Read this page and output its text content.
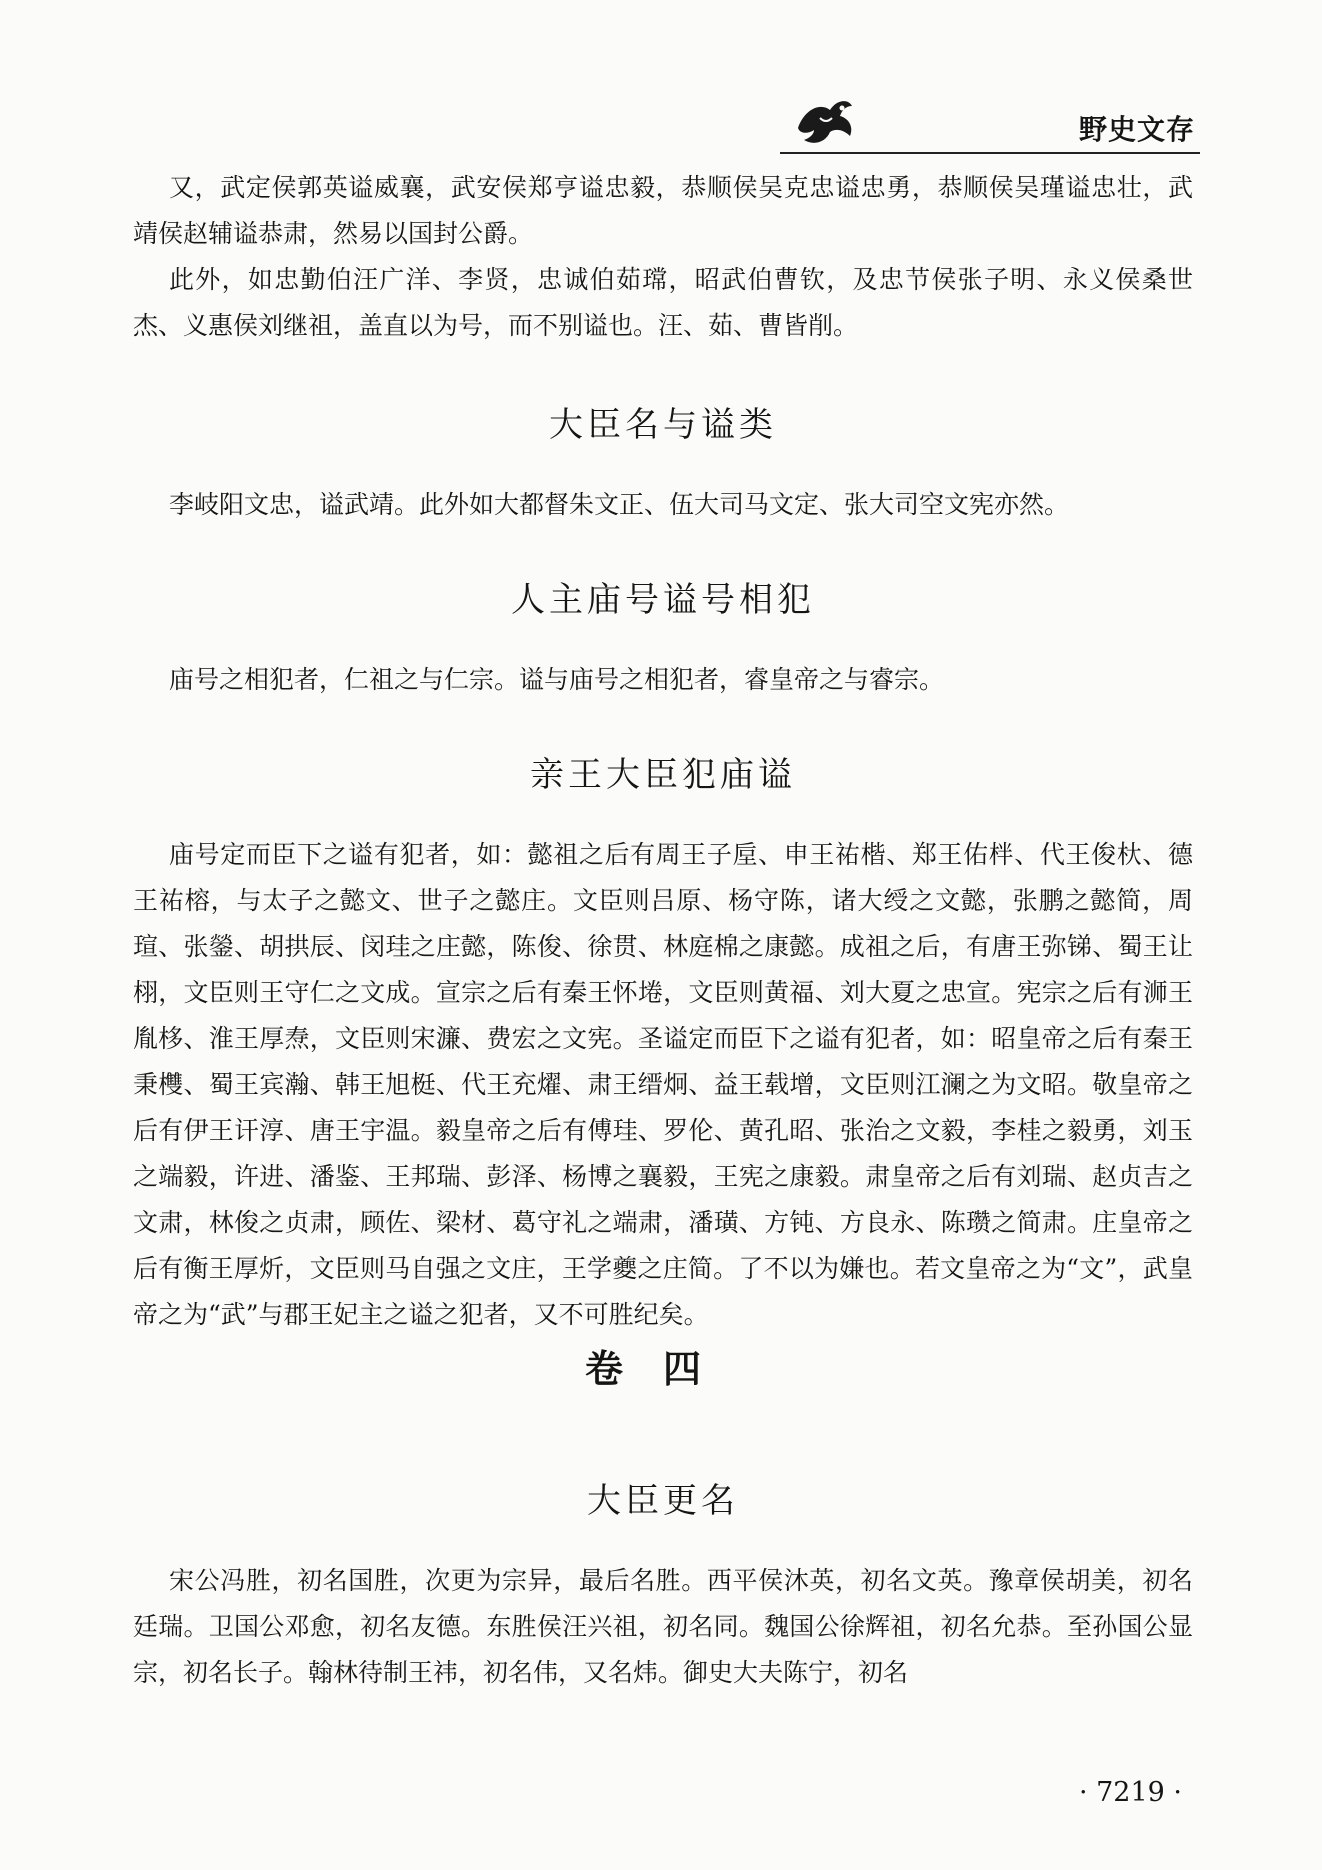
野史文存

又，武定侯郭英谥威襄，武安侯郑亨谥忠毅，恭顺侯吴克忠谥忠勇，恭顺侯吴瑾谥忠壮，武靖侯赵辅谥恭肃，然易以国封公爵。

此外，如忠勤伯汪广洋、李贤，忠诚伯茹瑺，昭武伯曹钦，及忠节侯张子明、永义侯桑世杰、义惠侯刘继祖，盖直以为号，而不别谥也。汪、茹、曹皆削。

大臣名与谥类

李岐阳文忠，谥武靖。此外如大都督朱文正、伍大司马文定、张大司空文宪亦然。

人主庙号谥号相犯

庙号之相犯者，仁祖之与仁宗。谥与庙号之相犯者，睿皇帝之与睿宗。

亲王大臣犯庙谥

庙号定而臣下之谥有犯者，如：懿祖之后有周王子垕、申王祐楷、郑王佑柈、代王俊杕、德王祐榕，与太子之懿文、世子之懿庄。文臣则吕原、杨守陈，诸大绶之文懿，张鹏之懿简，周瑄、张鎣、胡拱辰、闵珪之庄懿，陈俊、徐贯、林庭棉之康懿。成祖之后，有唐王弥锑、蜀王让栩，文臣则王守仁之文成。宣宗之后有秦王怀埢，文臣则黄福、刘大夏之忠宣。宪宗之后有浉王胤栘、淮王厚焘，文臣则宋濂、费宏之文宪。圣谥定而臣下之谥有犯者，如：昭皇帝之后有秦王秉欆、蜀王宾瀚、韩王旭梃、代王充燿、肃王缙炯、益王载增，文臣则江澜之为文昭。敬皇帝之后有伊王讦淳、唐王宇温。毅皇帝之后有傅珪、罗伦、黄孔昭、张治之文毅，李桂之毅勇，刘玉之端毅，许进、潘鉴、王邦瑞、彭泽、杨博之襄毅，王宪之康毅。肃皇帝之后有刘瑞、赵贞吉之文肃，林俊之贞肃，顾佐、梁材、葛守礼之端肃，潘璜、方钝、方良永、陈瓒之简肃。庄皇帝之后有衡王厚炘，文臣则马自强之文庄，王学夔之庄简。了不以为嫌也。若文皇帝之为“文”，武皇帝之为“武”与郡王妃主之谥之犯者，又不可胜纪矣。

卷四
大臣更名

宋公冯胜，初名国胜，次更为宗异，最后名胜。西平侯沐英，初名文英。豫章侯胡美，初名廷瑞。卫国公邓愈，初名友德。东胜侯汪兴祖，初名同。魏国公徐辉祖，初名允恭。至孙国公显宗，初名长子。翰林待制王祎，初名伟，又名炜。御史大夫陈宁，初名

· 7219 ·
